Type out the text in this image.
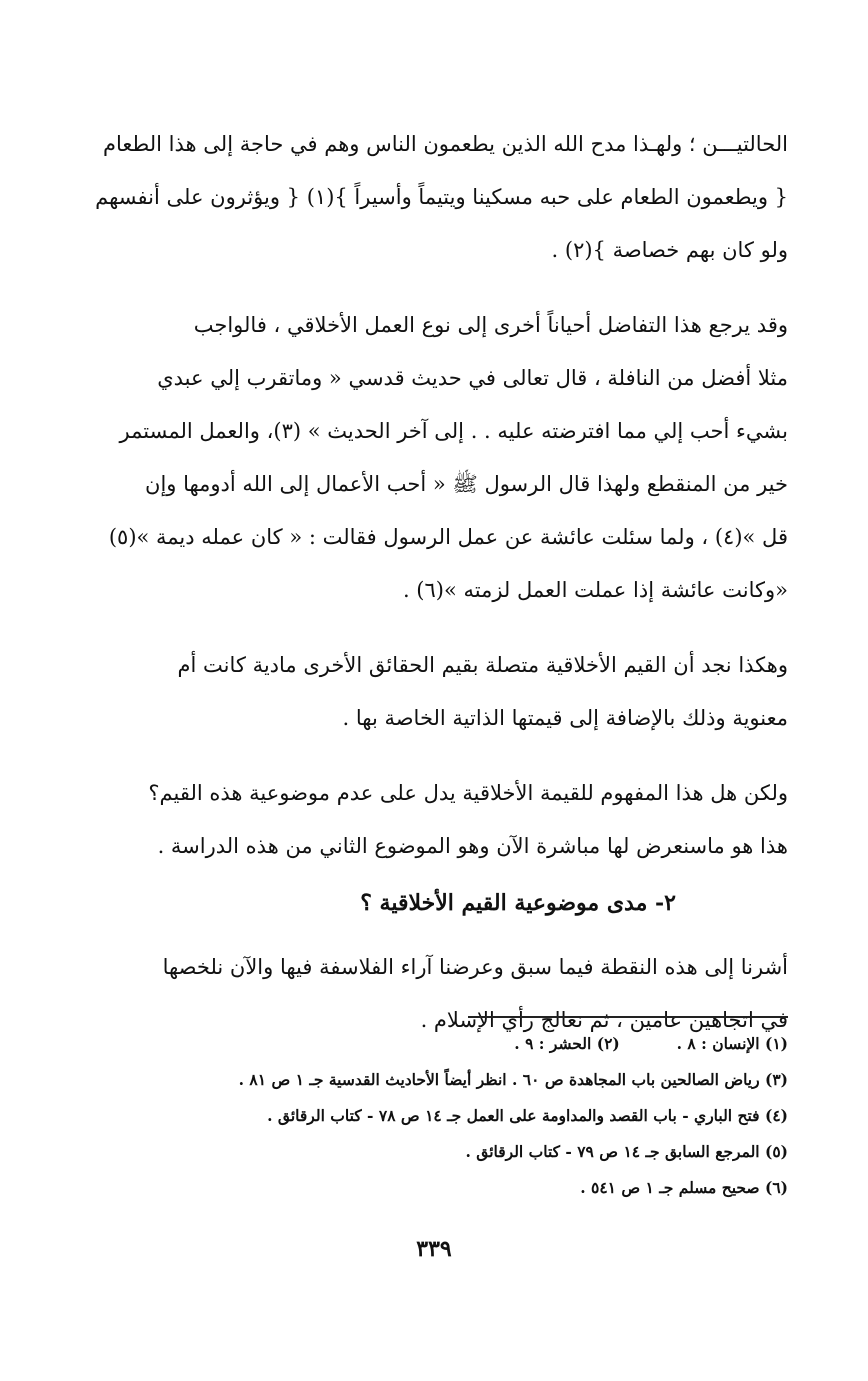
الحالتيـــن ؛ ولهـذا مدح الله الذين يطعمون الناس وهم في حاجة إلى هذا الطعام
{ ويطعمون الطعام على حبه مسكينا ويتيماً وأسيراً }(١) { ويؤثرون على أنفسهم
ولو كان بهم خصاصة }(٢) .
وقد يرجع هذا التفاضل أحياناً أخرى إلى نوع العمل الأخلاقي ، فالواجب
مثلا أفضل من النافلة ، قال تعالى في حديث قدسي « وماتقرب إلي عبدي
بشيء أحب إلي مما افترضته عليه . . إلى آخر الحديث » (٣)، والعمل المستمر
خير من المنقطع ولهذا قال الرسول ﷺ « أحب الأعمال إلى الله أدومها وإن
قل »(٤) ، ولما سئلت عائشة عن عمل الرسول فقالت : « كان عمله ديمة »(٥)
«وكانت عائشة إذا عملت العمل لزمته »(٦) .
وهكذا نجد أن القيم الأخلاقية متصلة بقيم الحقائق الأخرى مادية كانت أم
معنوية وذلك بالإضافة إلى قيمتها الذاتية الخاصة بها .
ولكن هل هذا المفهوم للقيمة الأخلاقية يدل على عدم موضوعية هذه القيم؟
هذا هو ماسنعرض لها مباشرة الآن وهو الموضوع الثاني من هذه الدراسة .
٢- مدى موضوعية القيم الأخلاقية ؟
أشرنا إلى هذه النقطة فيما سبق وعرضنا آراء الفلاسفة فيها والآن نلخصها
في اتجاهين عامين ، ثم نعالج رأي الإسلام .
(١) الإنسان : ٨ .  (٢) الحشر : ٩ .
(٣) رياض الصالحين باب المجاهدة ص ٦٠ . انظر أيضاً الأحاديث القدسية جـ ١ ص ٨١ .
(٤) فتح الباري - باب القصد والمداومة على العمل جـ ١٤ ص ٧٨ - كتاب الرقائق .
(٥) المرجع السابق جـ ١٤ ص ٧٩ - كتاب الرقائق .
(٦) صحيح مسلم جـ ١ ص ٥٤١ .
٣٣٩
